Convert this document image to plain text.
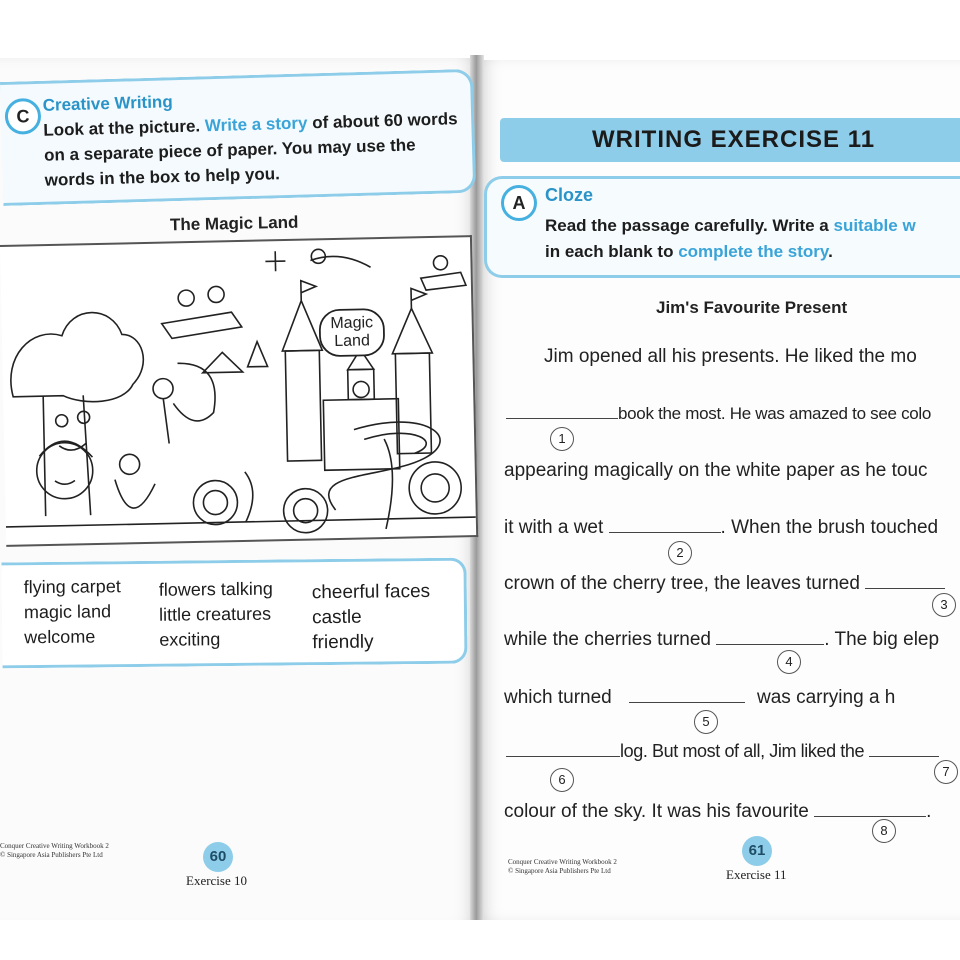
C
Creative Writing
Look at the picture. Write a story of about 60 words on a separate piece of paper. You may use the words in the box to help you.
The Magic Land
Magic
Land
flying carpet
magic land
welcome
flowers talking
little creatures
exciting
cheerful faces
castle
friendly
Conquer Creative Writing Workbook 2
© Singapore Asia Publishers Pte Ltd	60
Exercise 10
WRITING EXERCISE 11
A	Cloze
Read the passage carefully. Write a suitable w
in each blank to complete the story.
Jim's Favourite Present
Jim opened all his presents. He liked the mo
book the most. He was amazed to see colo
1
appearing magically on the white paper as he touc
it with a wet	. When the brush touched
2
crown of the cherry tree, the leaves turned
3
while the cherries turned	. The big elep
4
which turned	was carrying a h
5
log. But most of all, Jim liked the
6
7
colour of the sky. It was his favourite	.
8
Conquer Creative Writing Workbook 2
© Singapore Asia Publishers Pte Ltd
61
Exercise 11
